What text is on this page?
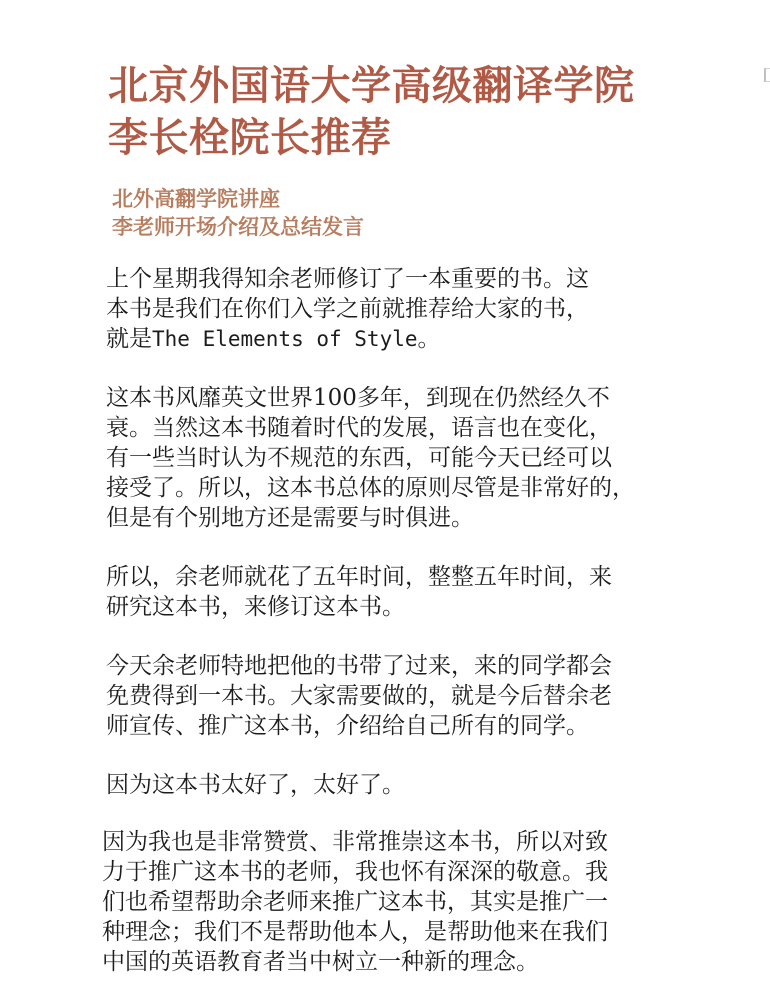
北京外国语大学高级翻译学院
李长栓院长推荐
北外高翻学院讲座
李老师开场介绍及总结发言

上个星期我得知余老师修订了一本重要的书。这
本书是我们在你们入学之前就推荐给大家的书，
就是The Elements of Style。

这本书风靡英文世界100多年，到现在仍然经久不
衰。当然这本书随着时代的发展，语言也在变化，
有一些当时认为不规范的东西，可能今天已经可以
接受了。所以，这本书总体的原则尽管是非常好的，
但是有个别地方还是需要与时俱进。

所以，余老师就花了五年时间，整整五年时间，来
研究这本书，来修订这本书。

今天余老师特地把他的书带了过来，来的同学都会
免费得到一本书。大家需要做的，就是今后替余老
师宣传、推广这本书，介绍给自己所有的同学。

因为这本书太好了，太好了。

因为我也是非常赞赏、非常推崇这本书，所以对致
力于推广这本书的老师，我也怀有深深的敬意。我
们也希望帮助余老师来推广这本书，其实是推广一
种理念；我们不是帮助他本人，是帮助他来在我们
中国的英语教育者当中树立一种新的理念。
